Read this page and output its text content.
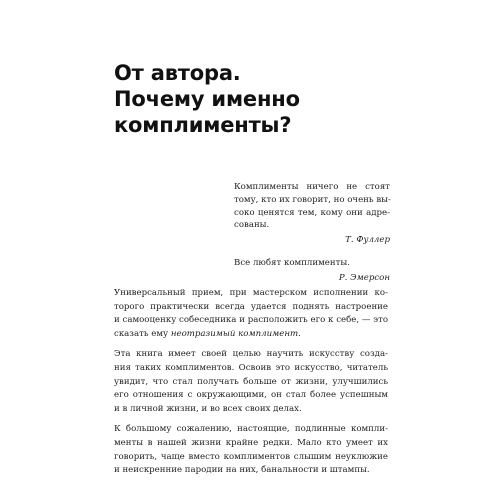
От автора.
Почему именно
комплименты?
Комплименты ничего не стоят
тому, кто их говорит, но очень вы-
соко ценятся тем, кому они адре-
сованы.
Т. Фуллер
Все любят комплименты.
Р. Эмерсон

Универсальный прием, при мастерском исполнении ко-
торого практически всегда удается поднять настроение
и самооценку собеседника и расположить его к себе, — это
сказать ему неотразимый комплимент.

Эта книга имеет своей целью научить искусству созда-
ния таких комплиментов. Освоив это искусство, читатель
увидит, что стал получать больше от жизни, улучшились
его отношения с окружающими, он стал более успешным
и в личной жизни, и во всех своих делах.

К большому сожалению, настоящие, подлинные компли-
менты в нашей жизни крайне редки. Мало кто умеет их
говорить, чаще вместо комплиментов слышим неуклюжие
и неискренние пародии на них, банальности и штампы.
